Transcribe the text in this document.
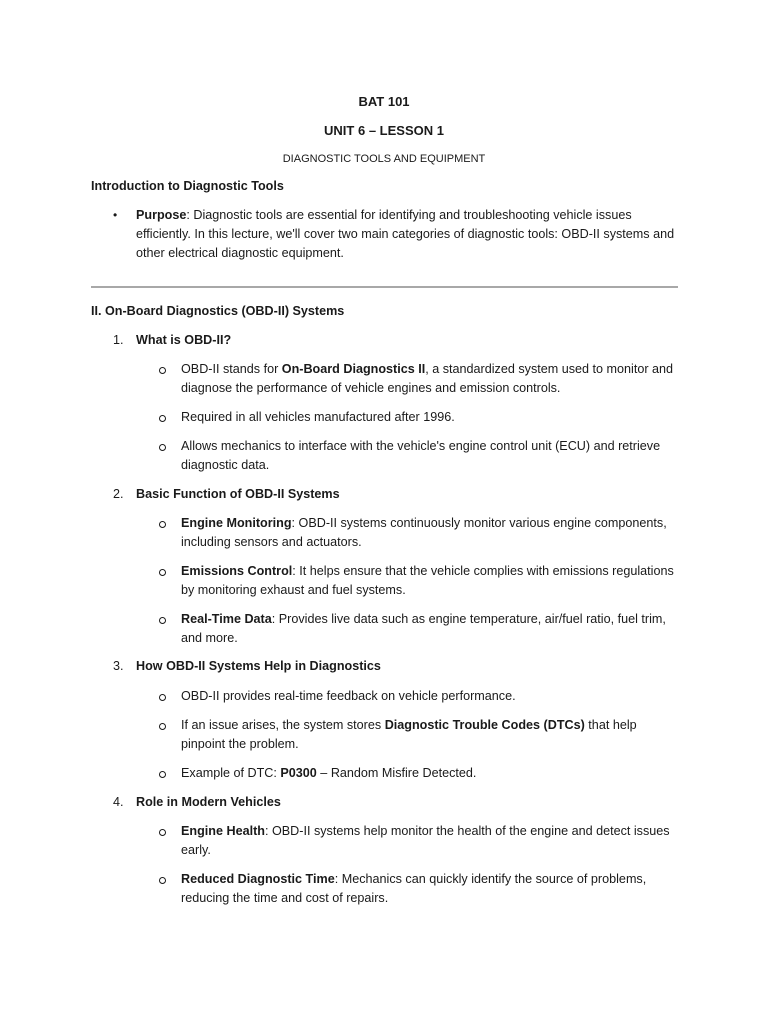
BAT 101
UNIT 6 – LESSON 1
DIAGNOSTIC TOOLS AND EQUIPMENT
Introduction to Diagnostic Tools
• Purpose: Diagnostic tools are essential for identifying and troubleshooting vehicle issues efficiently. In this lecture, we'll cover two main categories of diagnostic tools: OBD-II systems and other electrical diagnostic equipment.
II. On-Board Diagnostics (OBD-II) Systems
1. What is OBD-II?
OBD-II stands for On-Board Diagnostics II, a standardized system used to monitor and diagnose the performance of vehicle engines and emission controls.
Required in all vehicles manufactured after 1996.
Allows mechanics to interface with the vehicle's engine control unit (ECU) and retrieve diagnostic data.
2. Basic Function of OBD-II Systems
Engine Monitoring: OBD-II systems continuously monitor various engine components, including sensors and actuators.
Emissions Control: It helps ensure that the vehicle complies with emissions regulations by monitoring exhaust and fuel systems.
Real-Time Data: Provides live data such as engine temperature, air/fuel ratio, fuel trim, and more.
3. How OBD-II Systems Help in Diagnostics
OBD-II provides real-time feedback on vehicle performance.
If an issue arises, the system stores Diagnostic Trouble Codes (DTCs) that help pinpoint the problem.
Example of DTC: P0300 – Random Misfire Detected.
4. Role in Modern Vehicles
Engine Health: OBD-II systems help monitor the health of the engine and detect issues early.
Reduced Diagnostic Time: Mechanics can quickly identify the source of problems, reducing the time and cost of repairs.
